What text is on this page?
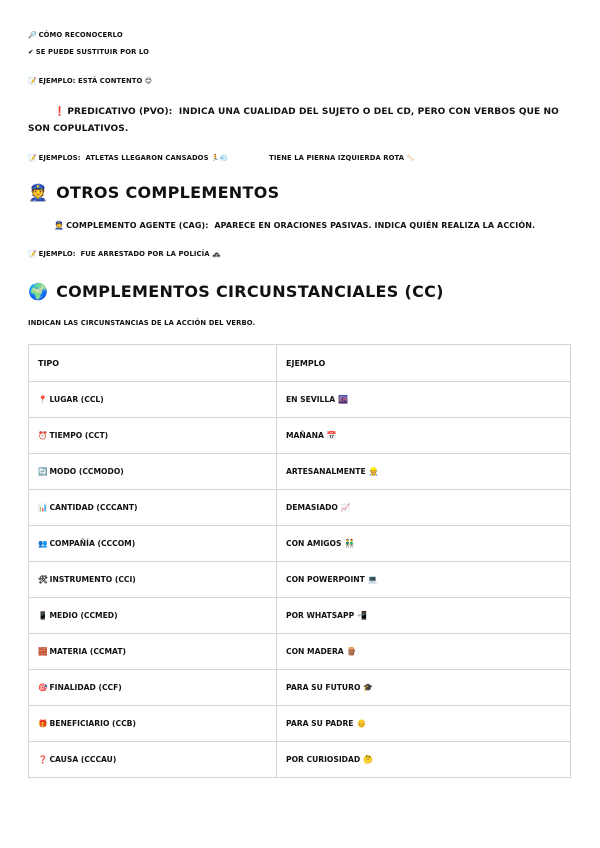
🔎 CÓMO RECONOCERLO
✔ SE PUEDE SUSTITUIR POR LO
📝 EJEMPLO: ESTÁ CONTENTO 😊
❗ PREDICATIVO (PVO): INDICA UNA CUALIDAD DEL SUJETO O DEL CD, PERO CON VERBOS QUE NO SON COPULATIVOS.
📝 EJEMPLOS: ATLETAS LLEGARON CANSADOS 🏃💨	TIENE LA PIERNA IZQUIERDA ROTA 🦴
👮 OTROS COMPLEMENTOS
👮 COMPLEMENTO AGENTE (CAG): APARECE EN ORACIONES PASIVAS. INDICA QUIÉN REALIZA LA ACCIÓN.
📝 EJEMPLO: FUE ARRESTADO POR LA POLICÍA 🚓
🌍 COMPLEMENTOS CIRCUNSTANCIALES (CC)
INDICAN LAS CIRCUNSTANCIAS DE LA ACCIÓN DEL VERBO.
TIPO	EJEMPLO
📍 LUGAR (CCL)	EN SEVILLA 🌆
⏰ TIEMPO (CCT)	MAÑANA 📅
🔄 MODO (CCMODO)	ARTESANALMENTE 👷
📊 CANTIDAD (CCCANT)	DEMASIADO 📈
👥 COMPAÑÍA (CCCOM)	CON AMIGOS 👬
🛠 INSTRUMENTO (CCI)	CON POWERPOINT 💻
📱 MEDIO (CCMED)	POR WHATSAPP 📲
🧱 MATERIA (CCMAT)	CON MADERA 🪵
🎯 FINALIDAD (CCF)	PARA SU FUTURO 🎓
🎁 BENEFICIARIO (CCB)	PARA SU PADRE 👴
❓ CAUSA (CCCAU)	POR CURIOSIDAD 🤔
